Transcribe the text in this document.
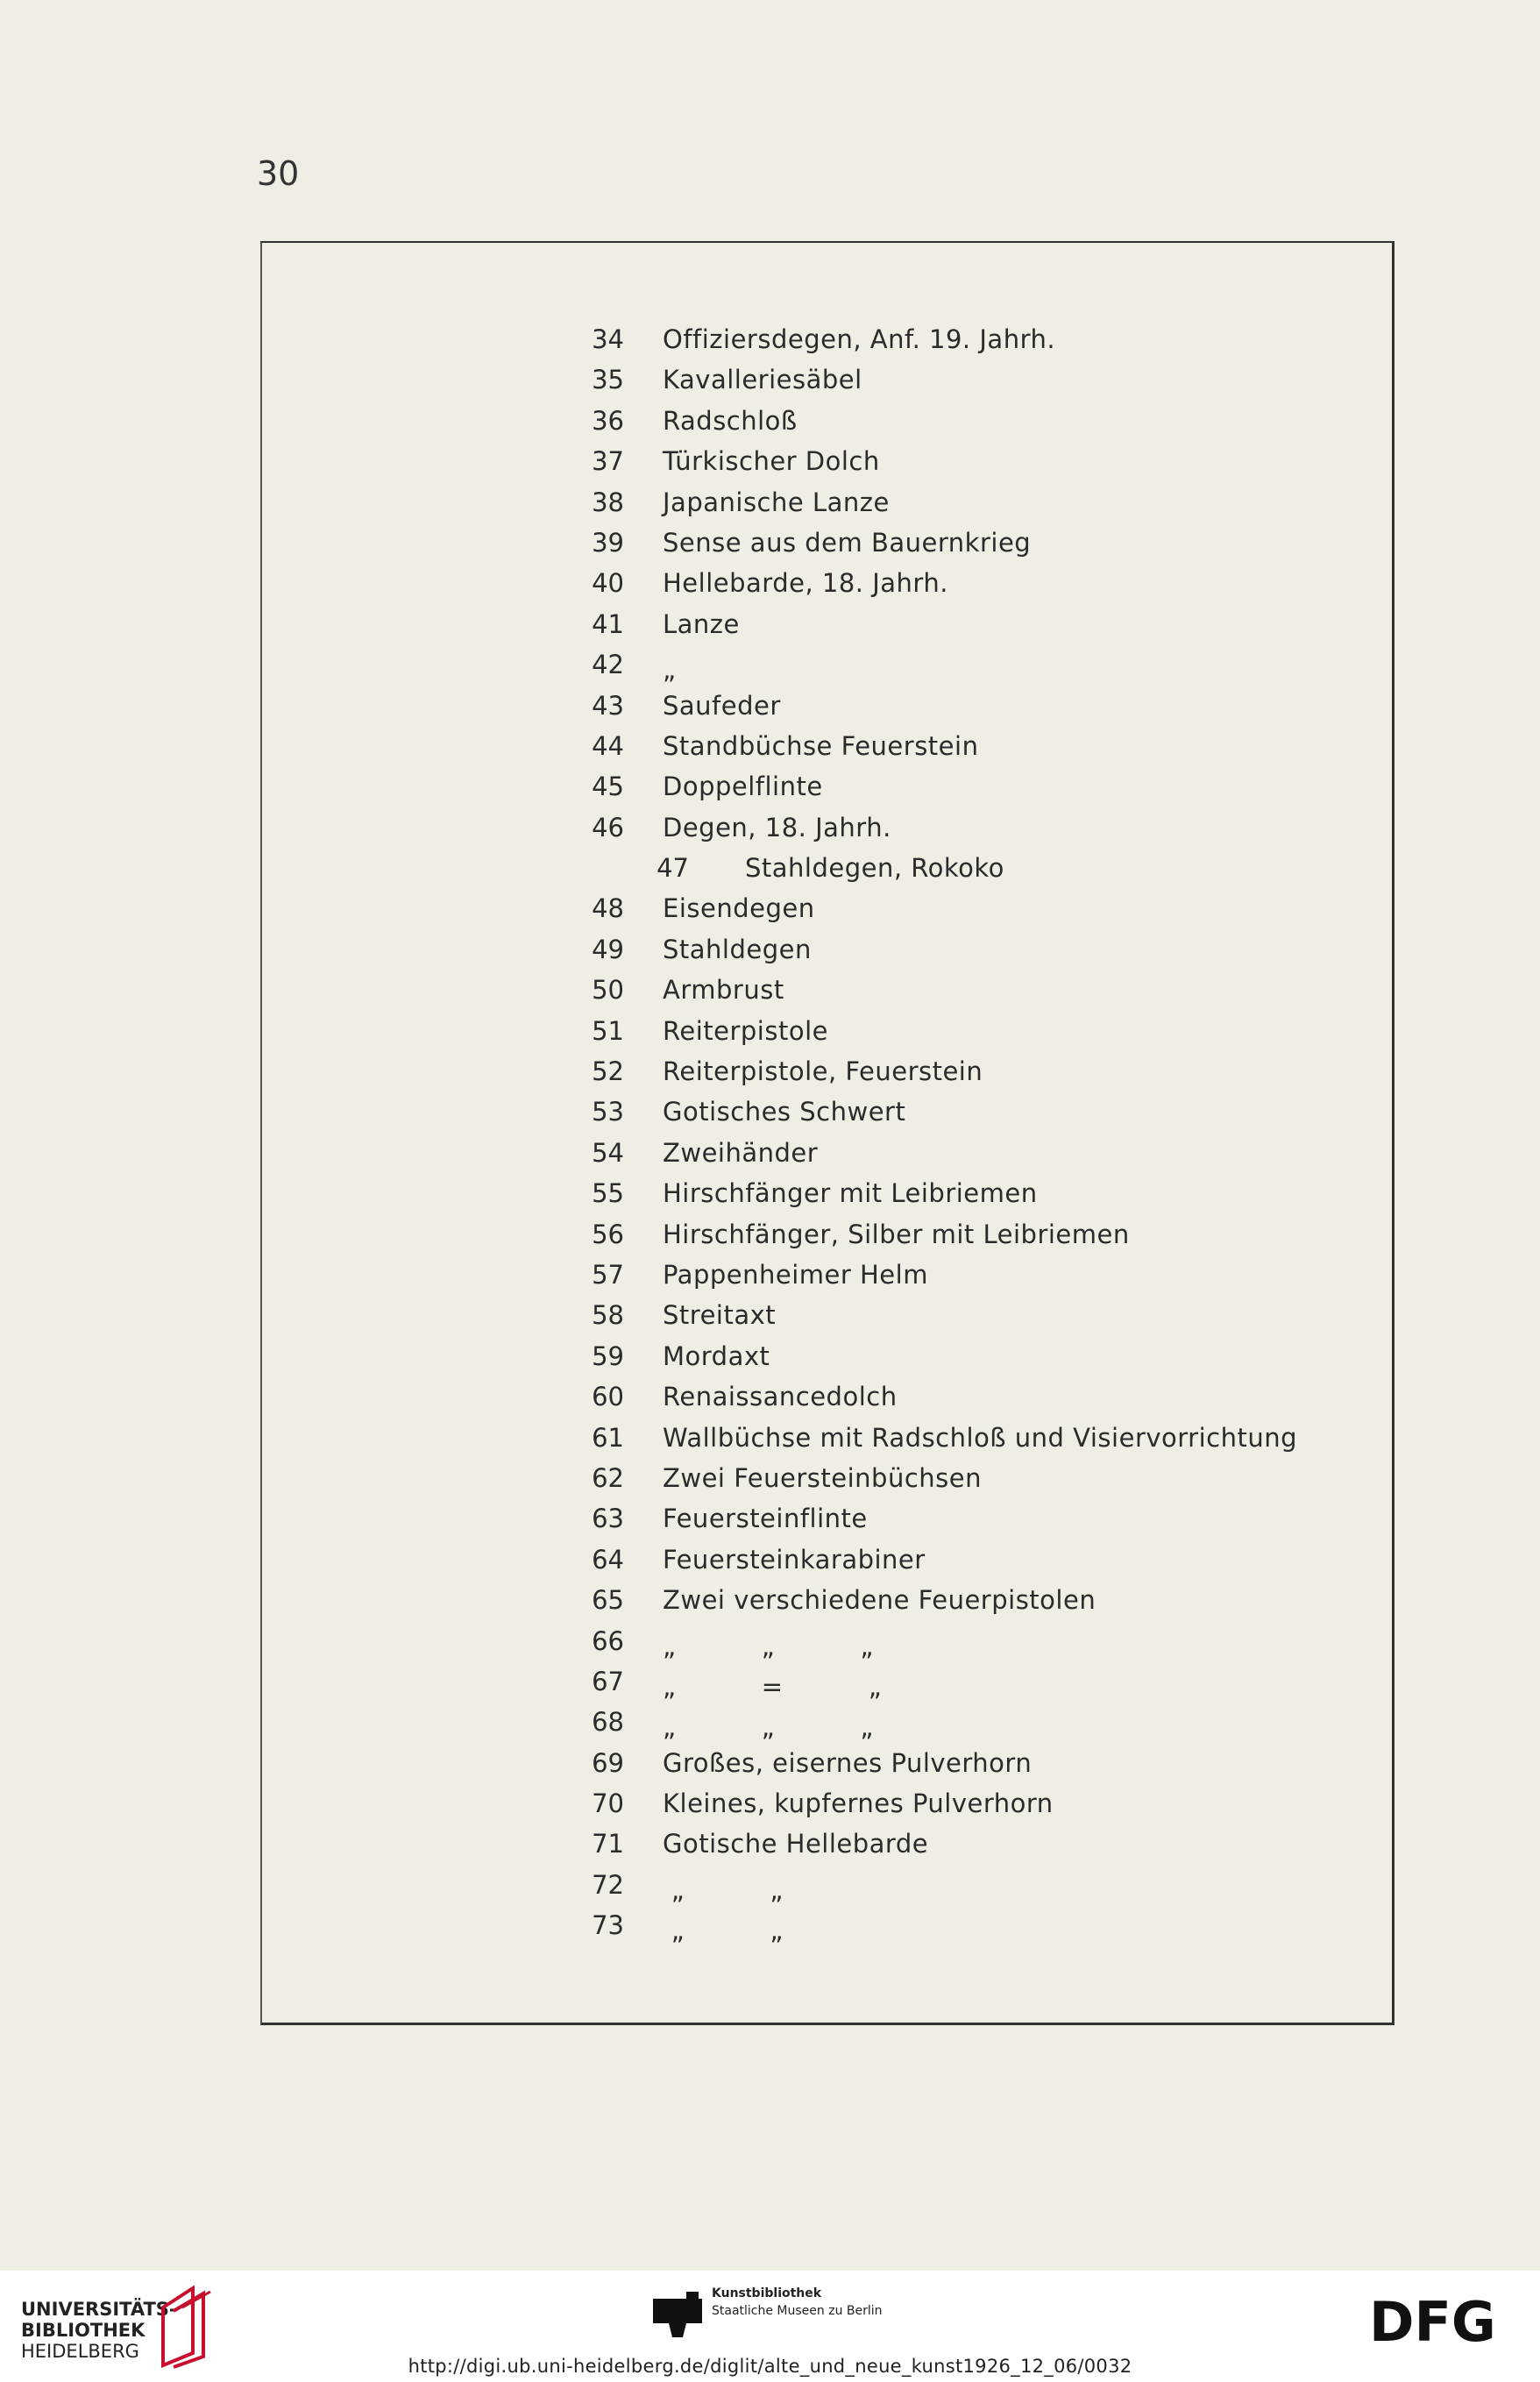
30
34 Offiziersdegen, Anf. 19. Jahrh.
35 Kavalleriesäbel
36 Radschloß
37 Türkischer Dolch
38 Japanische Lanze
39 Sense aus dem Bauernkrieg
40 Hellebarde, 18. Jahrh.
41 Lanze
42 „
43 Saufeder
44 Standbüchse Feuerstein
45 Doppelflinte
46 Degen, 18. Jahrh.
47 Stahldegen, Rokoko
48 Eisendegen
49 Stahldegen
50 Armbrust
51 Reiterpistole
52 Reiterpistole, Feuerstein
53 Gotisches Schwert
54 Zweihänder
55 Hirschfänger mit Leibriemen
56 Hirschfänger, Silber mit Leibriemen
57 Pappenheimer Helm
58 Streitaxt
59 Mordaxt
60 Renaissancedolch
61 Wallbüchse mit Radschloß und Visiervorrichtung
62 Zwei Feuersteinbüchsen
63 Feuersteinflinte
64 Feuersteinkarabiner
65 Zwei verschiedene Feuerpistolen
66 „          „          „
67 „          =          „
68 „          „          „
69 Großes, eisernes Pulverhorn
70 Kleines, kupfernes Pulverhorn
71 Gotische Hellebarde
72 „          „
73 „          „
UNIVERSITÄTS-
BIBLIOTHEK
HEIDELBERG
Kunstbibliothek
Staatliche Museen zu Berlin	DFG
http://digi.ub.uni-heidelberg.de/diglit/alte_und_neue_kunst1926_12_06/0032
